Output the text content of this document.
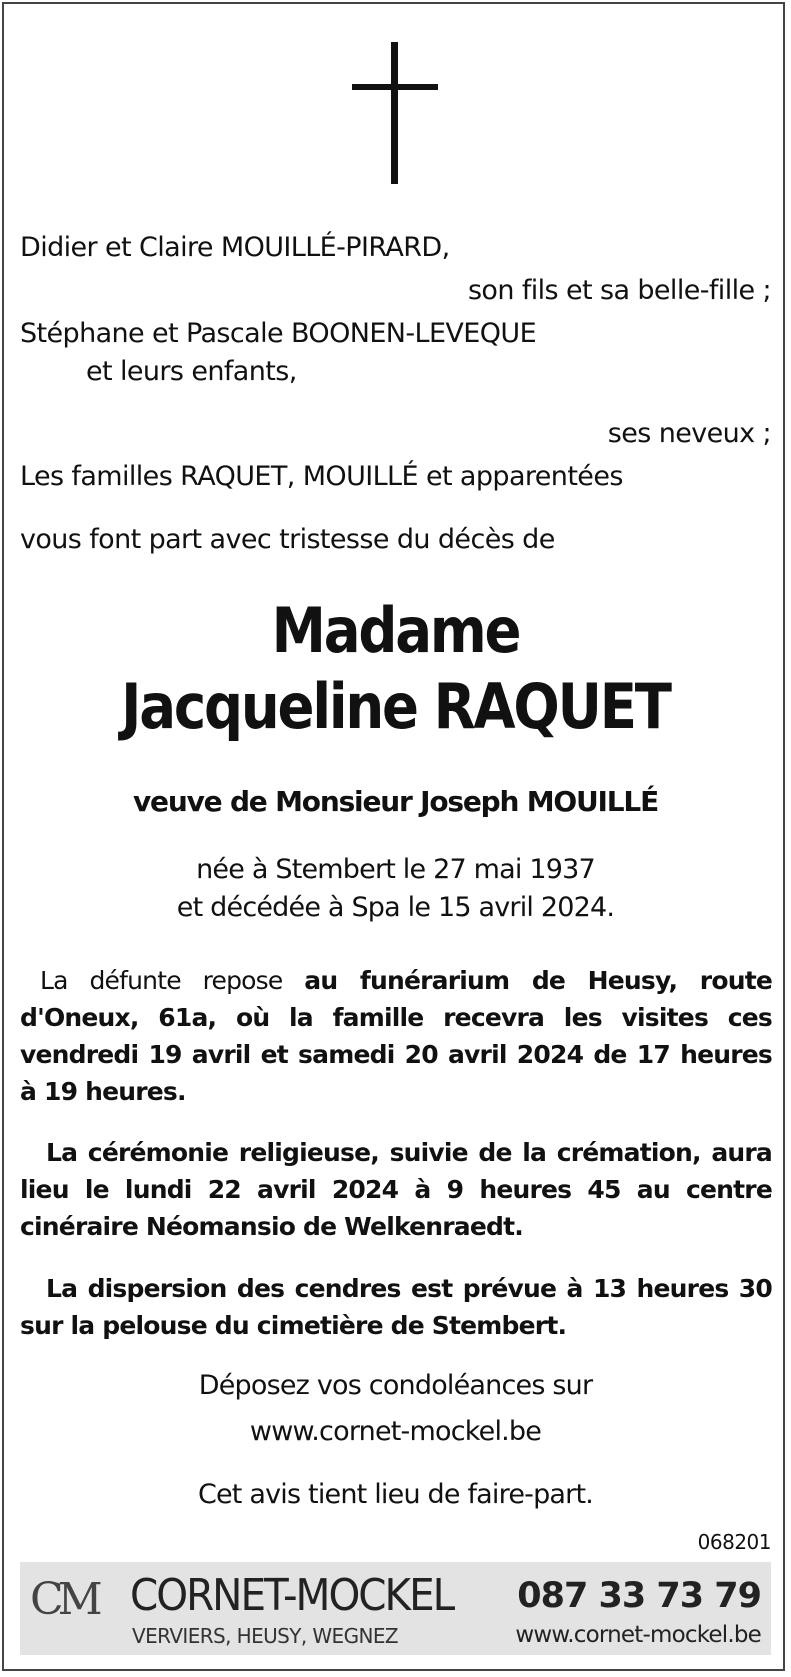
Didier et Claire MOUILLÉ-PIRARD,
son fils et sa belle-fille ;
Stéphane et Pascale BOONEN-LEVEQUE
et leurs enfants,
ses neveux ;
Les familles RAQUET, MOUILLÉ et apparentées
vous font part avec tristesse du décès de
Madame
Jacqueline RAQUET
veuve de Monsieur Joseph MOUILLÉ
née à Stembert le 27 mai 1937
et décédée à Spa le 15 avril 2024.
La défunte repose au funérarium de Heusy, route d'Oneux, 61a, où la famille recevra les visites ces vendredi 19 avril et samedi 20 avril 2024 de 17 heures à 19 heures.
La cérémonie religieuse, suivie de la crémation, aura lieu le lundi 22 avril 2024 à 9 heures 45 au centre cinéraire Néomansio de Welkenraedt.
La dispersion des cendres est prévue à 13 heures 30 sur la pelouse du cimetière de Stembert.
Déposez vos condoléances sur
www.cornet-mockel.be
Cet avis tient lieu de faire-part.
068201
CM CORNET-MOCKEL 087 33 73 79
VERVIERS, HEUSY, WEGNEZ	www.cornet-mockel.be
